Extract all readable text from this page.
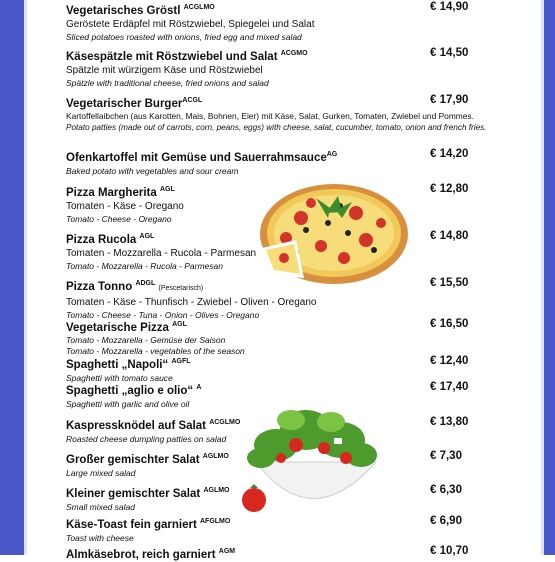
Vegetarisches Gröstl $^{ACGLMO}$
Geröstete Erdäpfel mit Röstzwiebel, Spiegelei und Salat
Sliced potatoes roasted with onions, fried egg and mixed salad
€ 14,90
Käsespätzle mit Röstzwiebel und Salat $^{ACGMO}$
Spätzle mit würzigem Käse und Röstzwiebel
Spätzle with traditional cheese, fried onions and salad
€ 14,50
Vegetarischer Burger$^{ACGL}$
Kartoffellaibchen (aus Karotten, Mais, Bohnen, Eier) mit Käse, Salat, Gurken, Tomaten, Zwiebel und Pommes.
Potato patties (made out of carrots, corn, peans, eggs) with cheese, salat, cucumber, tomato, onion and french fries.
€ 17,90
Ofenkartoffel mit Gemüse und Sauerrahmsauce$^{AG}$
Baked potato with vegetables and sour cream
€ 14,20
Pizza Margherita $^{AGL}$
Tomaten - Käse - Oregano
Tomato - Cheese - Oregano
€ 12,80
Pizza Rucola $^{AGL}$
Tomaten - Mozzarella - Rucola - Parmesan
Tomato - Mozzarella - Rucola - Parmesan
€ 14,80
Pizza Tonno $^{ADGL}$ (Pescetarisch)
Tomaten - Käse - Thunfisch - Zwiebel - Oliven - Oregano
Tomato - Cheese - Tuna - Onion - Olives - Oregano
€ 15,50
Vegetarische Pizza $^{AGL}$
Tomato - Mozzarella - Gemüse der Saison
Tomato - Mozzarella - vegetables of the season
€ 16,50
Spaghetti „Napoli“ $^{AGFL}$
Spaghetti with tomato sauce
€ 12,40
Spaghetti „aglio e olio“ $^A$
Spaghetti with garlic and olive oil
€ 17,40
Kaspressknödel auf Salat $^{ACGLMO}$
Roasted cheese dumpling patties on salad
€ 13,80
Großer gemischter Salat $^{AGLMO}$
Large mixed salad
€ 7,30
Kleiner gemischter Salat $^{AGLMO}$
Small mixed salad
€ 6,30
Käse-Toast fein garniert $^{AFGLMO}$
Toast with cheese
€ 6,90
Almkäsebrot, reich garniert $^{AGM}$	€ 10,70
